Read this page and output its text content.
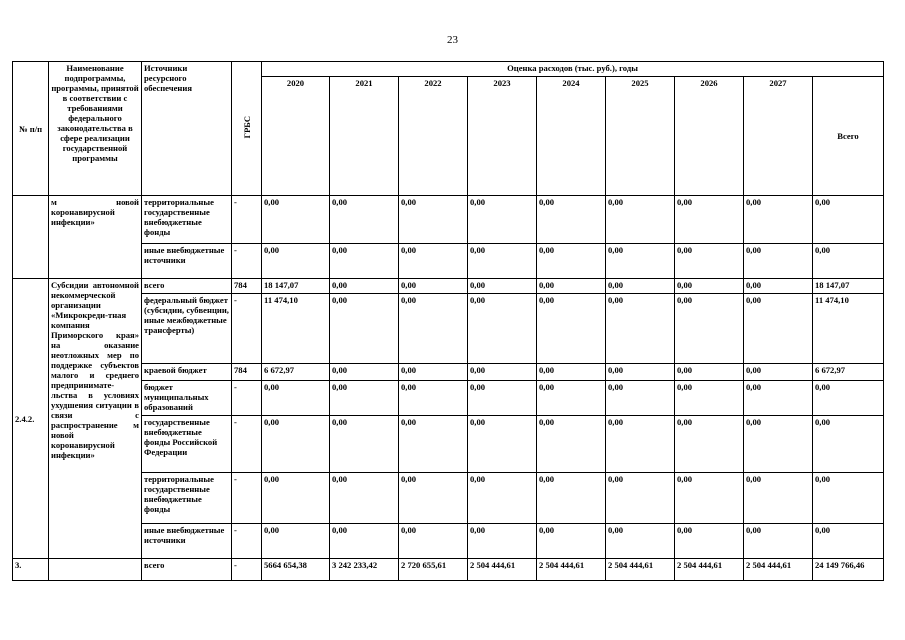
23
№ п/п	Наименование подпрограммы, программы, принятой в соответствии с требованиями федерального законодательства в сфере реализации государственной программы	Источники ресурсного обеспечения	ГРБС	Оценка расходов (тыс. руб.), годы								
				2020	2021	2022	2023	2024	2025	2026	2027	Всего
	м новой коронавирусной инфекции»	территориальные государственные внебюджетные фонды	-	0,00	0,00	0,00	0,00	0,00	0,00	0,00	0,00	0,00
		иные внебюджетные источники	-	0,00	0,00	0,00	0,00	0,00	0,00	0,00	0,00	0,00
2.4.2.	Субсидии автономной некоммерческой организации «Микрокреди-тная компания Приморского края» на оказание неотложных мер по поддержке субъектов малого и среднего предпринимате-льства в условиях ухудшения ситуации в связи с распространение м новой коронавирусной инфекции»	всего	784	18 147,07	0,00	0,00	0,00	0,00	0,00	0,00	0,00	18 147,07
		федеральный бюджет (субсидии, субвенции, иные межбюджетные трансферты)	-	11 474,10	0,00	0,00	0,00	0,00	0,00	0,00	0,00	11 474,10
		краевой бюджет	784	6 672,97	0,00	0,00	0,00	0,00	0,00	0,00	0,00	6 672,97
		бюджет муниципальных образований	-	0,00	0,00	0,00	0,00	0,00	0,00	0,00	0,00	0,00
		государственные внебюджетные фонды Российской Федерации	-	0,00	0,00	0,00	0,00	0,00	0,00	0,00	0,00	0,00
		территориальные государственные внебюджетные фонды	-	0,00	0,00	0,00	0,00	0,00	0,00	0,00	0,00	0,00
		иные внебюджетные источники	-	0,00	0,00	0,00	0,00	0,00	0,00	0,00	0,00	0,00
3.		всего	-	5664 654,38	3 242 233,42	2 720 655,61	2 504 444,61	2 504 444,61	2 504 444,61	2 504 444,61	2 504 444,61	24 149 766,46
